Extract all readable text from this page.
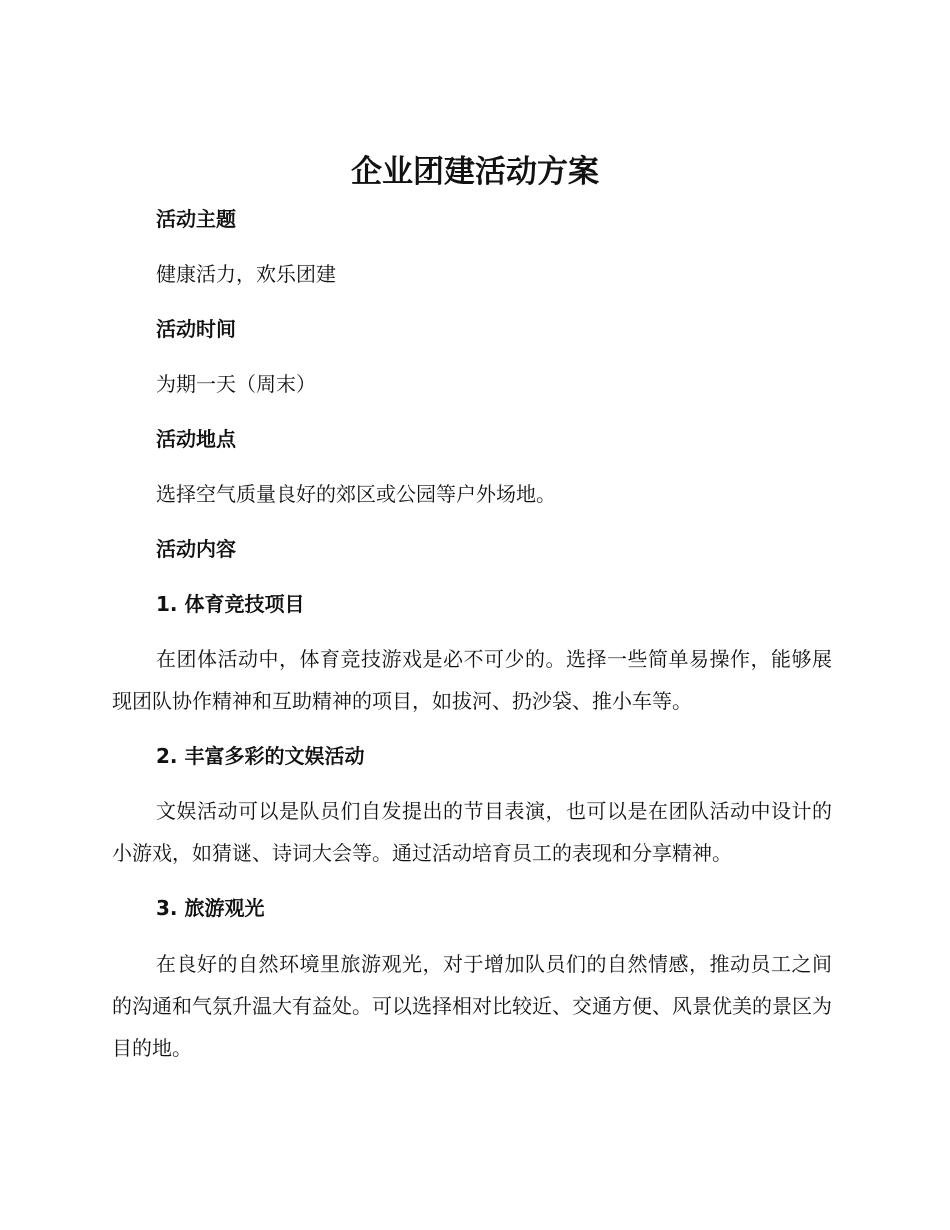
企业团建活动方案
活动主题

健康活力，欢乐团建

活动时间

为期一天（周末）

活动地点

选择空气质量良好的郊区或公园等户外场地。

活动内容
1. 体育竞技项目

在团体活动中，体育竞技游戏是必不可少的。选择一些简单易操作，能够展现团队协作精神和互助精神的项目，如拔河、扔沙袋、推小车等。

2. 丰富多彩的文娱活动

文娱活动可以是队员们自发提出的节目表演，也可以是在团队活动中设计的小游戏，如猜谜、诗词大会等。通过活动培育员工的表现和分享精神。

3. 旅游观光

在良好的自然环境里旅游观光，对于增加队员们的自然情感，推动员工之间的沟通和气氛升温大有益处。可以选择相对比较近、交通方便、风景优美的景区为目的地。
